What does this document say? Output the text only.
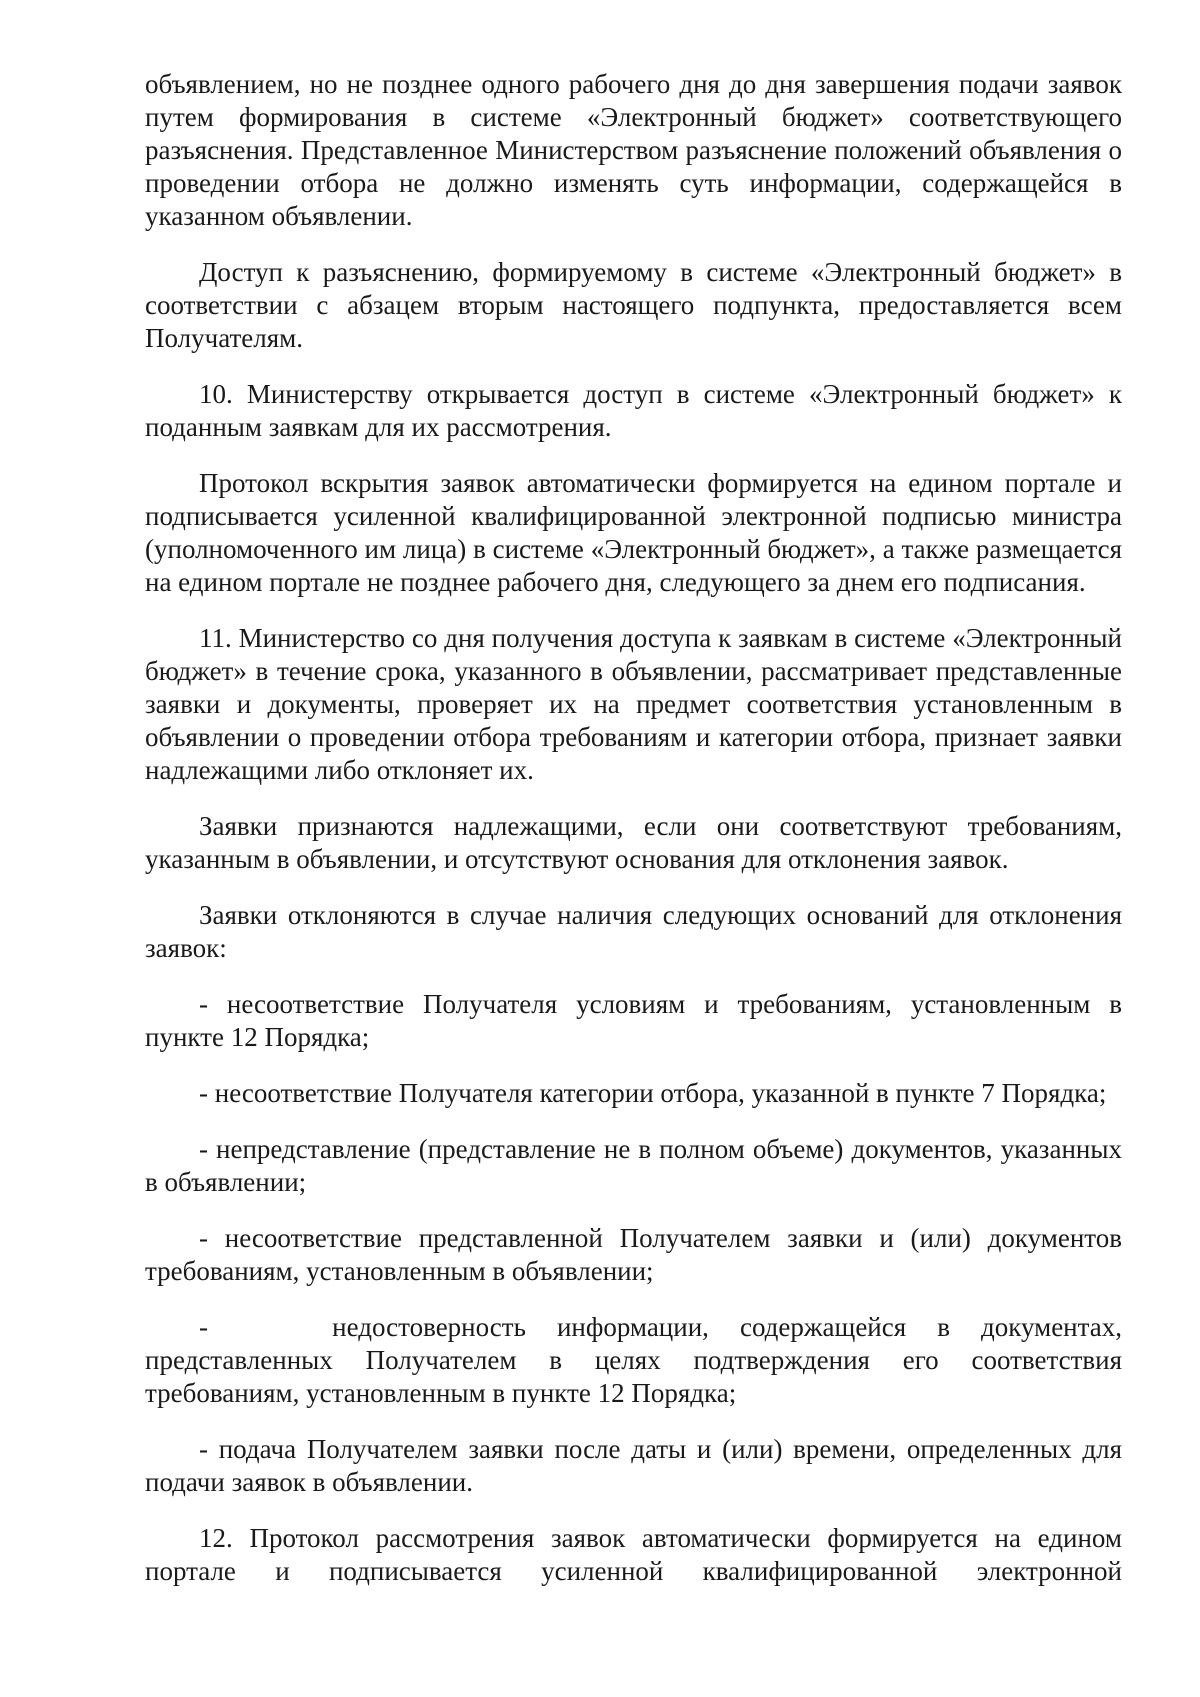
объявлением, но не позднее одного рабочего дня до дня завершения подачи заявок путем формирования в системе «Электронный бюджет» соответствующего разъяснения. Представленное Министерством разъяснение положений объявления о проведении отбора не должно изменять суть информации, содержащейся в указанном объявлении.

Доступ к разъяснению, формируемому в системе «Электронный бюджет» в соответствии с абзацем вторым настоящего подпункта, предоставляется всем Получателям.

10. Министерству открывается доступ в системе «Электронный бюджет» к поданным заявкам для их рассмотрения.

Протокол вскрытия заявок автоматически формируется на едином портале и подписывается усиленной квалифицированной электронной подписью министра (уполномоченного им лица) в системе «Электронный бюджет», а также размещается на едином портале не позднее рабочего дня, следующего за днем его подписания.

11. Министерство со дня получения доступа к заявкам в системе «Электронный бюджет» в течение срока, указанного в объявлении, рассматривает представленные заявки и документы, проверяет их на предмет соответствия установленным в объявлении о проведении отбора требованиям и категории отбора, признает заявки надлежащими либо отклоняет их.

Заявки признаются надлежащими, если они соответствуют требованиям, указанным в объявлении, и отсутствуют основания для отклонения заявок.

Заявки отклоняются в случае наличия следующих оснований для отклонения заявок:

- несоответствие Получателя условиям и требованиям, установленным в пункте 12 Порядка;

- несоответствие Получателя категории отбора, указанной в пункте 7 Порядка;

- непредставление (представление не в полном объеме) документов, указанных в объявлении;

- несоответствие представленной Получателем заявки и (или) документов требованиям, установленным в объявлении;

-    недостоверность информации, содержащейся в документах, представленных Получателем в целях подтверждения его соответствия требованиям, установленным в пункте 12 Порядка;

- подача Получателем заявки после даты и (или) времени, определенных для подачи заявок в объявлении.

12. Протокол рассмотрения заявок автоматически формируется на едином портале и подписывается усиленной квалифицированной электронной
